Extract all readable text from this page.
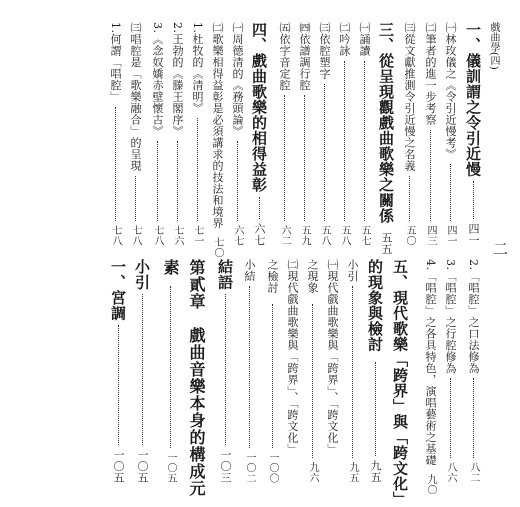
戲曲學(四)
二
一、儀訓謂之令引近慢
四一
㈠林玫儀之《令引近慢考》
四一
㈡筆者的進一步考察
四三
㈢從文獻推測令引近慢之名義
五〇
三、從呈現觀戲曲歌樂之關係
五五
㈠誦讀
五七
㈡吟詠
五八
㈢依腔塑字
五八
㈣依譜調行腔
五九
㈤依字音定腔
六二
四、戲曲歌樂的相得益彰
六七
㈠周德清的《務頭論》
六七
㈡歌樂相得益彰是必須講求的技法和境界
七〇
1.杜牧的《清明》
七一
2.王勃的《滕王閣序》
七六
3.《念奴嬌赤壁懷古》
七八
㈢唱腔是「歌樂融合」的呈現
七八
1.何謂「唱腔」
七八
2.「唱腔」之口法修為
八二
3.「唱腔」之行腔修為
八六
4.「唱腔」之各具特色，演唱藝術之基礎
九〇
五、現代歌樂「跨界」與「跨文化」
的現象與檢討
九五
小引
九五
㈠現代戲曲歌樂與「跨界」、「跨文化」
之現象
九六
㈡現代戲曲歌樂與「跨界」、「跨文化」
之檢討
一〇〇
小結
一〇二
結語
一〇三
第貳章　戲曲音樂本身的構成元
素
一〇五
小引
一〇五
一、宮調
一〇五
